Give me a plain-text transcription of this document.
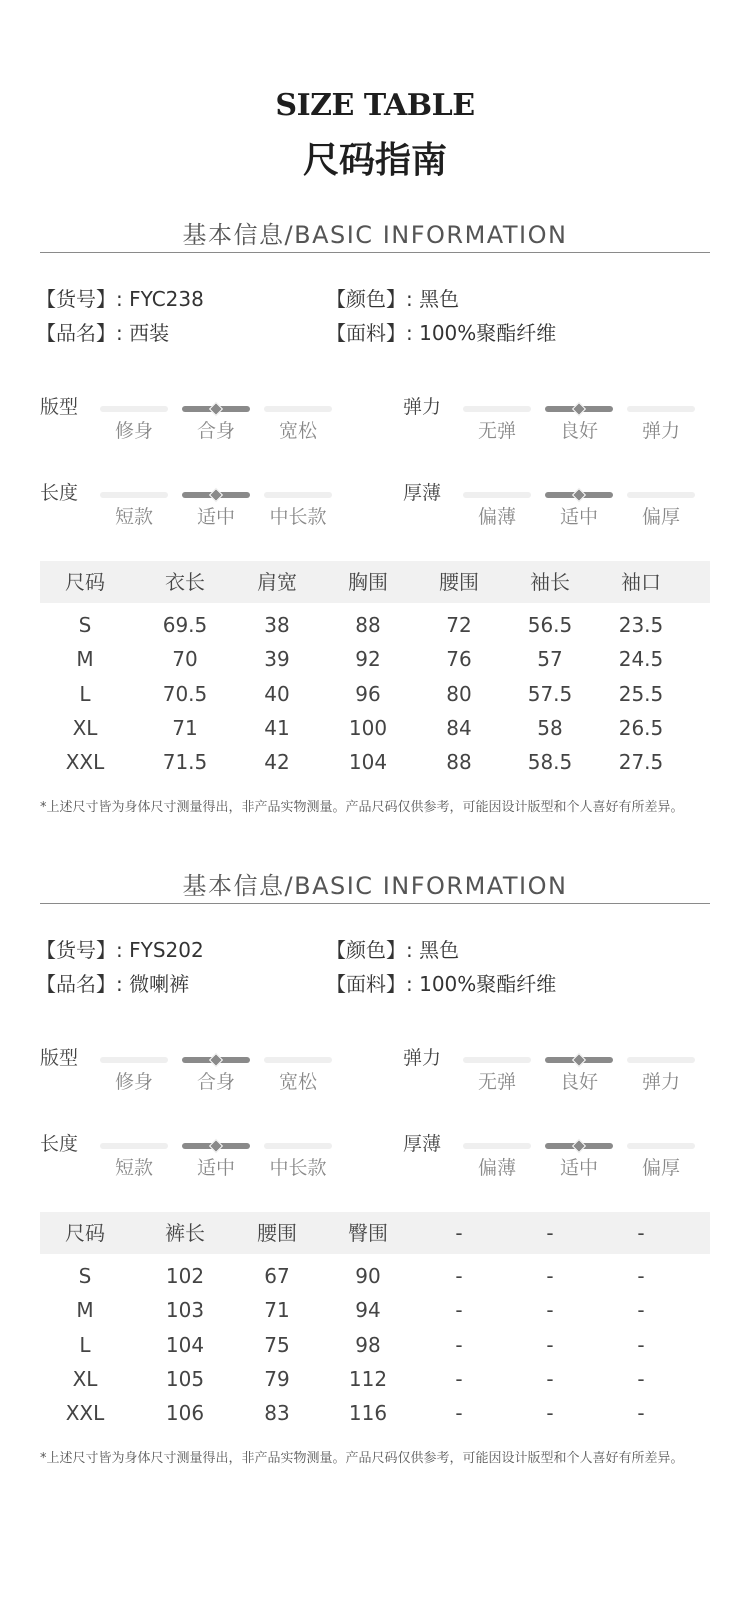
SIZE TABLE
尺码指南
基本信息/BASIC INFORMATION
【货号】: FYC238	【颜色】: 黑色
【品名】: 西装	【面料】: 100%聚酯纤维
版型
修身	合身	宽松
弹力
无弹	良好	弹力
长度
短款	适中	中长款
厚薄
偏薄	适中	偏厚
尺码	衣长	肩宽	胸围	腰围	袖长	袖口
S	69.5	38	88	72	56.5	23.5
M	70	39	92	76	57	24.5
L	70.5	40	96	80	57.5	25.5
XL	71	41	100	84	58	26.5
XXL	71.5	42	104	88	58.5	27.5
*上述尺寸皆为身体尺寸测量得出，非产品实物测量。产品尺码仅供参考，可能因设计版型和个人喜好有所差异。
基本信息/BASIC INFORMATION
【货号】: FYS202	【颜色】: 黑色
【品名】: 微喇裤	【面料】: 100%聚酯纤维
版型
修身	合身	宽松
弹力
无弹	良好	弹力
长度
短款	适中	中长款
厚薄
偏薄	适中	偏厚
尺码	裤长	腰围	臀围	-	-	-
S	102	67	90	-	-	-
M	103	71	94	-	-	-
L	104	75	98	-	-	-
XL	105	79	112	-	-	-
XXL	106	83	116	-	-	-
*上述尺寸皆为身体尺寸测量得出，非产品实物测量。产品尺码仅供参考，可能因设计版型和个人喜好有所差异。
